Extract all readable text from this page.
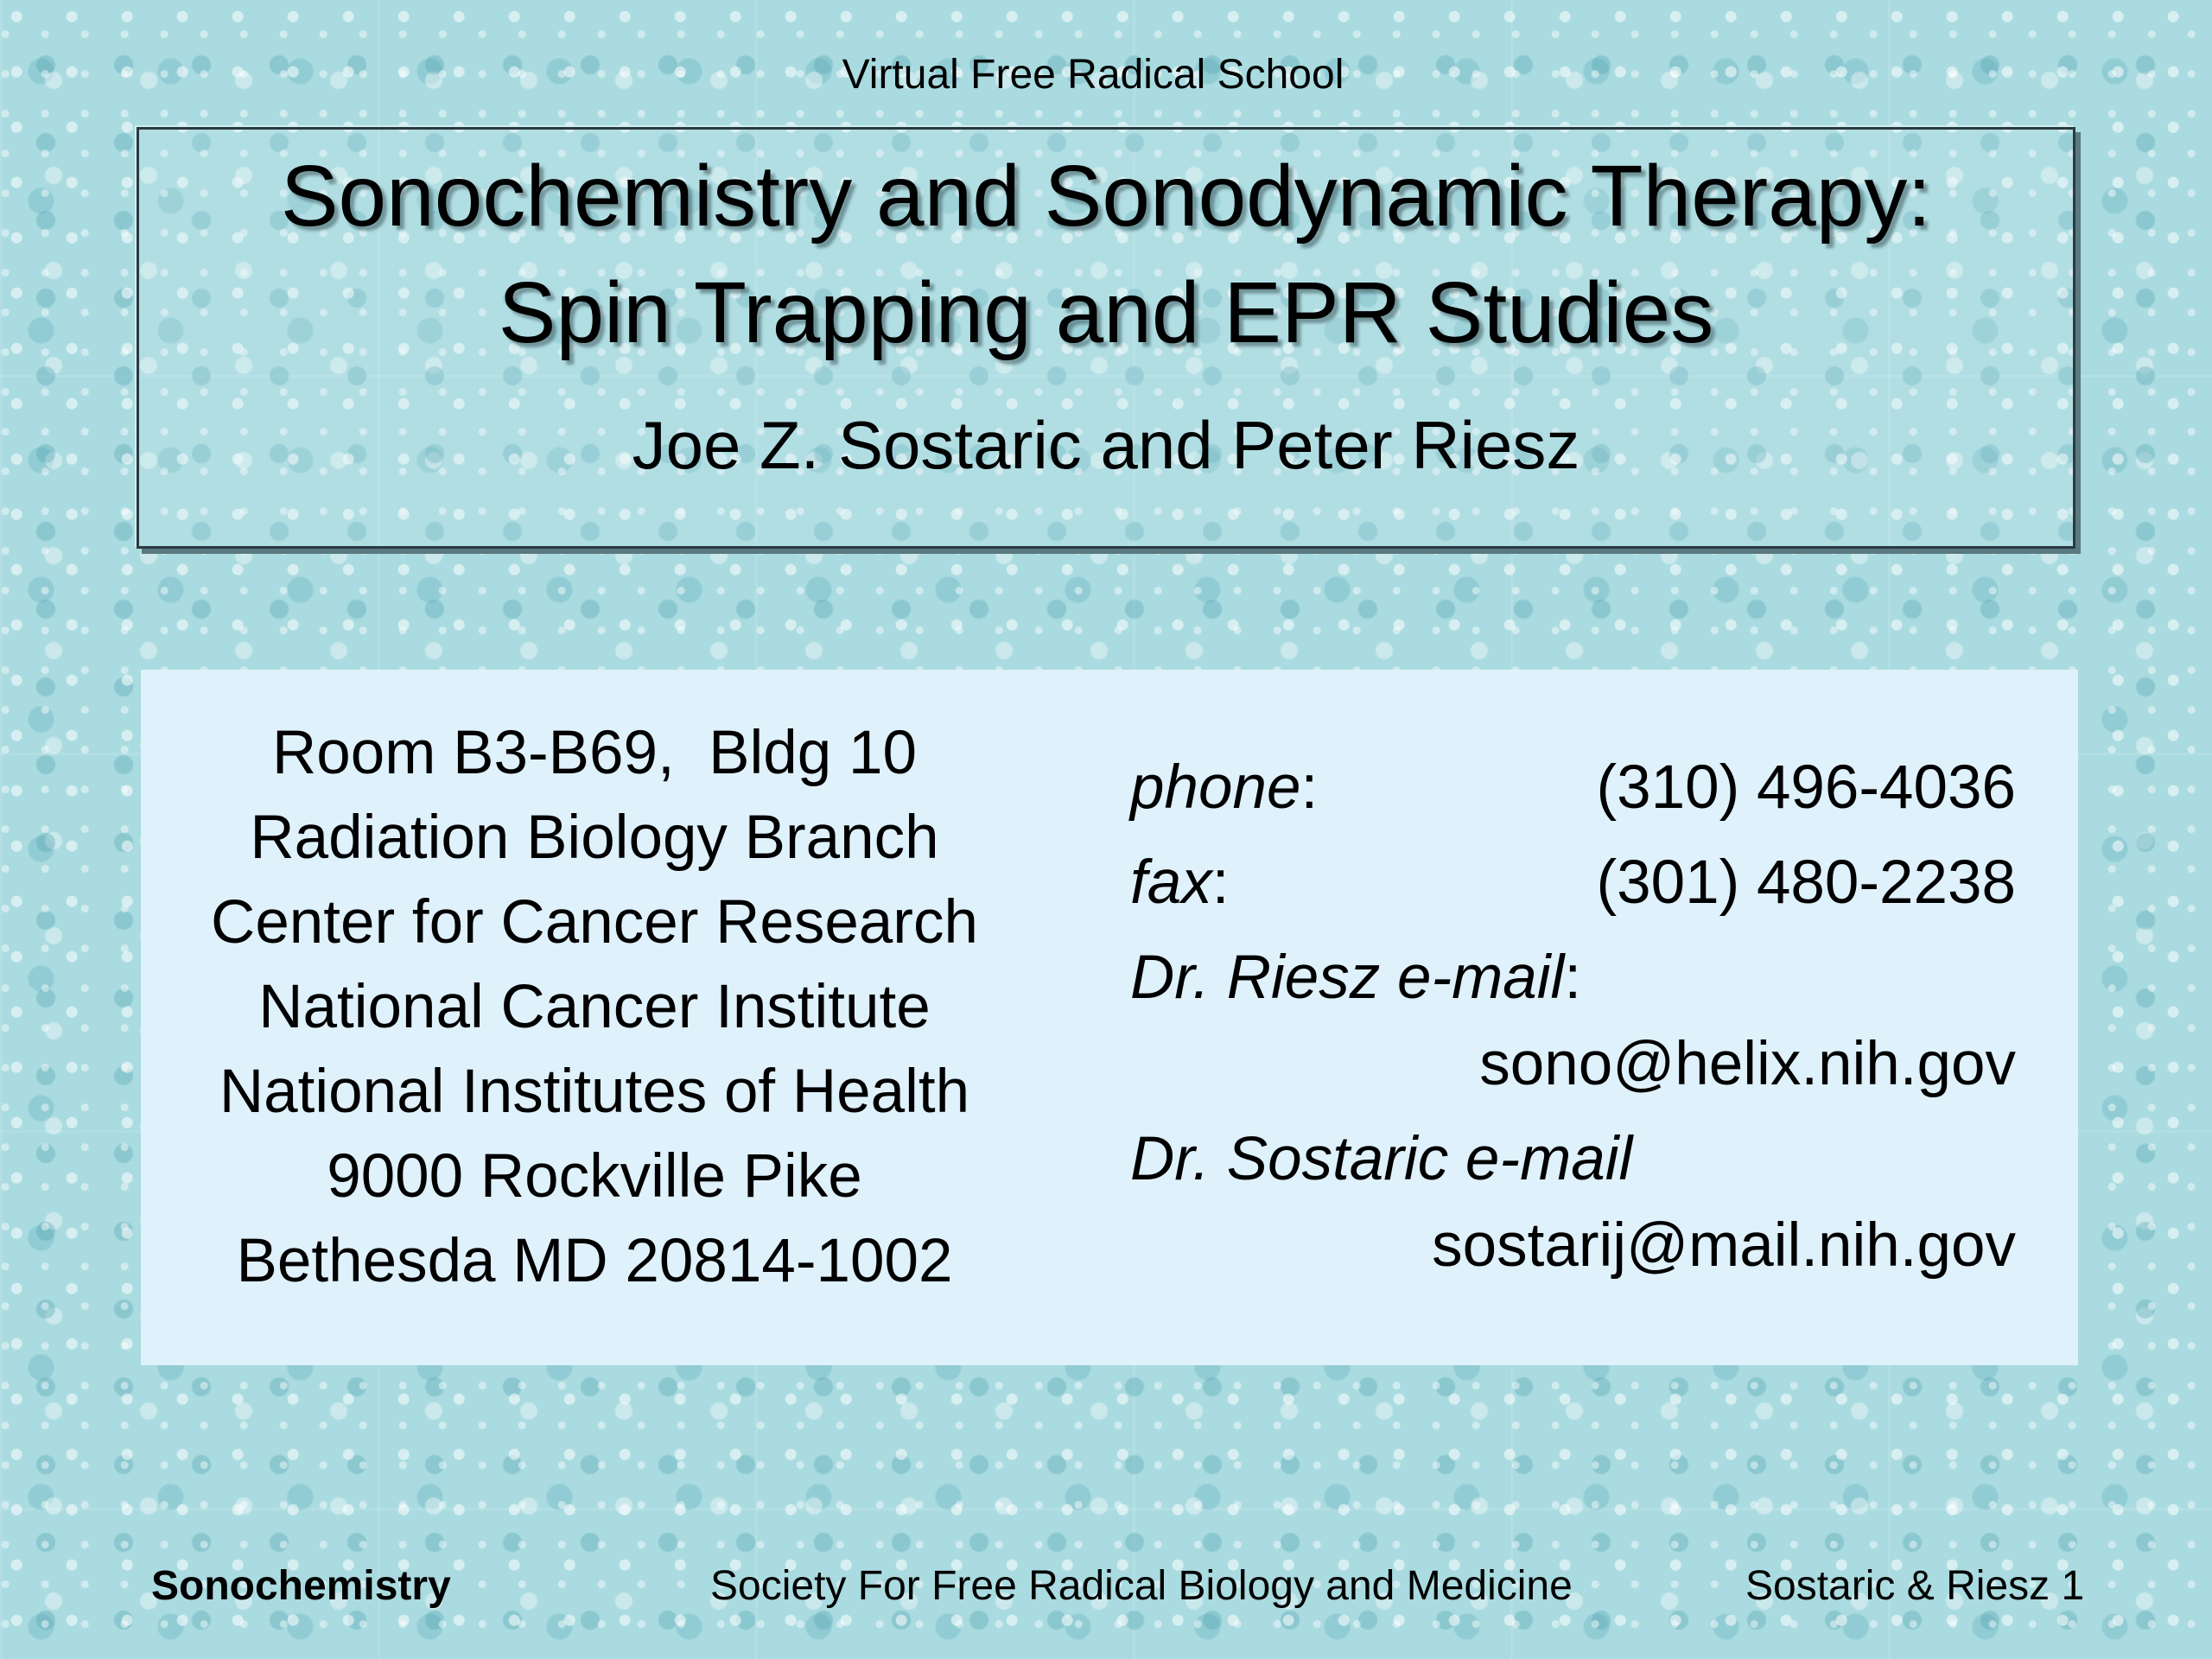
Virtual Free Radical School
Sonochemistry and Sonodynamic Therapy:
Spin Trapping and EPR Studies
Joe Z. Sostaric and Peter Riesz
Room B3-B69,  Bldg 10
Radiation Biology Branch
Center for Cancer Research
National Cancer Institute
National Institutes of Health
9000 Rockville Pike
Bethesda MD 20814-1002
phone:	(310) 496-4036
fax:	(301) 480-2238
Dr. Riesz e-mail:
sono@helix.nih.gov
Dr. Sostaric e-mail
sostarij@mail.nih.gov
Sonochemistry	Society For Free Radical Biology and Medicine	Sostaric & Riesz 1
